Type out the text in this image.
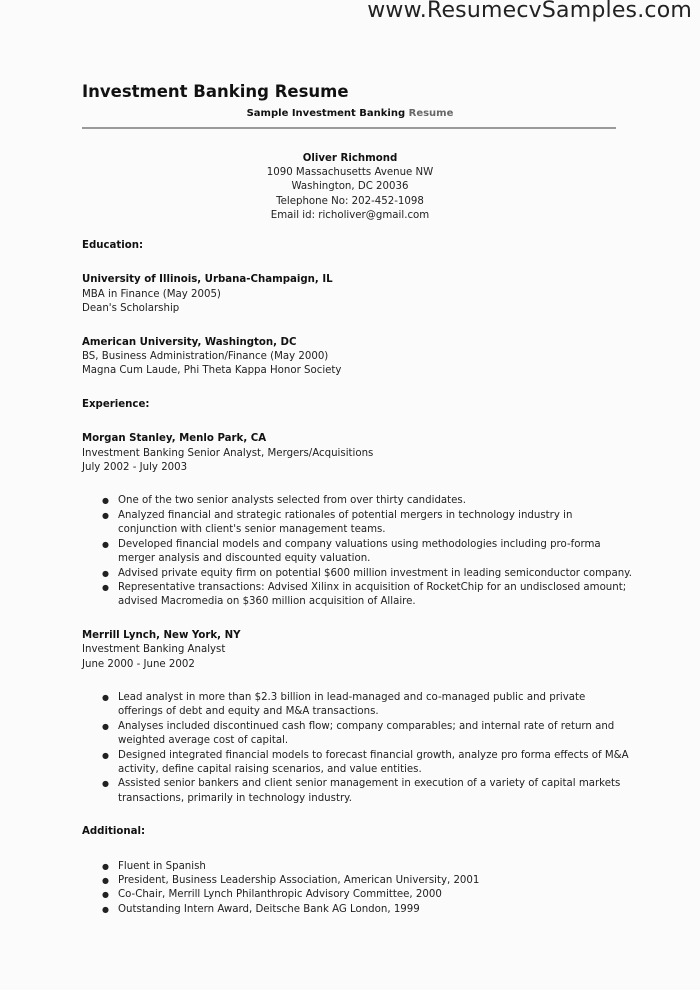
www.ResumecvSamples.com
Investment Banking Resume
Sample Investment Banking Resume
Oliver Richmond
1090 Massachusetts Avenue NW
Washington, DC 20036
Telephone No: 202-452-1098
Email id: richoliver@gmail.com
Education:
University of Illinois, Urbana-Champaign, IL
MBA in Finance (May 2005)
Dean's Scholarship
American University, Washington, DC
BS, Business Administration/Finance (May 2000)
Magna Cum Laude, Phi Theta Kappa Honor Society
Experience:
Morgan Stanley, Menlo Park, CA
Investment Banking Senior Analyst, Mergers/Acquisitions
July 2002 - July 2003
● One of the two senior analysts selected from over thirty candidates.
● Analyzed financial and strategic rationales of potential mergers in technology industry in conjunction with client's senior management teams.
● Developed financial models and company valuations using methodologies including pro-forma merger analysis and discounted equity valuation.
● Advised private equity firm on potential $600 million investment in leading semiconductor company.
● Representative transactions: Advised Xilinx in acquisition of RocketChip for an undisclosed amount; advised Macromedia on $360 million acquisition of Allaire.
Merrill Lynch, New York, NY
Investment Banking Analyst
June 2000 - June 2002
● Lead analyst in more than $2.3 billion in lead-managed and co-managed public and private offerings of debt and equity and M&A transactions.
● Analyses included discontinued cash flow; company comparables; and internal rate of return and weighted average cost of capital.
● Designed integrated financial models to forecast financial growth, analyze pro forma effects of M&A activity, define capital raising scenarios, and value entities.
● Assisted senior bankers and client senior management in execution of a variety of capital markets transactions, primarily in technology industry.
Additional:
● Fluent in Spanish
● President, Business Leadership Association, American University, 2001
● Co-Chair, Merrill Lynch Philanthropic Advisory Committee, 2000
● Outstanding Intern Award, Deitsche Bank AG London, 1999
